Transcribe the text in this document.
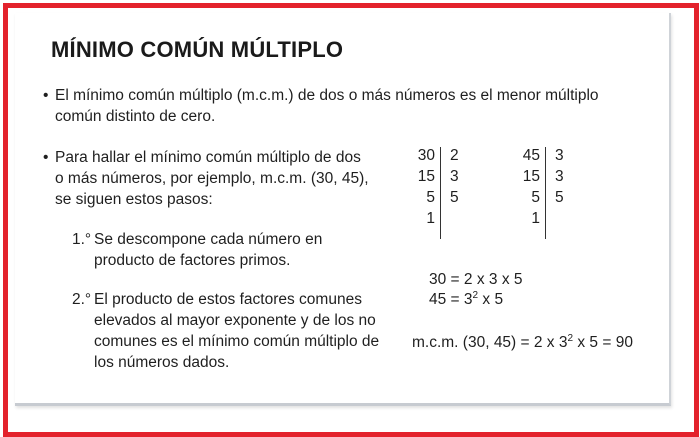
MÍNIMO COMÚN MÚLTIPLO
• El mínimo común múltiplo (m.c.m.) de dos o más números es el menor múltiplo común distinto de cero.
• Para hallar el mínimo común múltiplo de dos o más números, por ejemplo, m.c.m. (30, 45), se siguen estos pasos:
1.° Se descompone cada número en producto de factores primos.
2.° El producto de estos factores comunes elevados al mayor exponente y de los no comunes es el mínimo común múltiplo de los números dados.
30
15
5
1
2
3
5
45
15
5
1
3
3
5
30 = 2 x 3 x 5
$45 = 3^2$ x 5
m.c.m. (30, 45) = 2 x $3^2$ x 5 = 90
